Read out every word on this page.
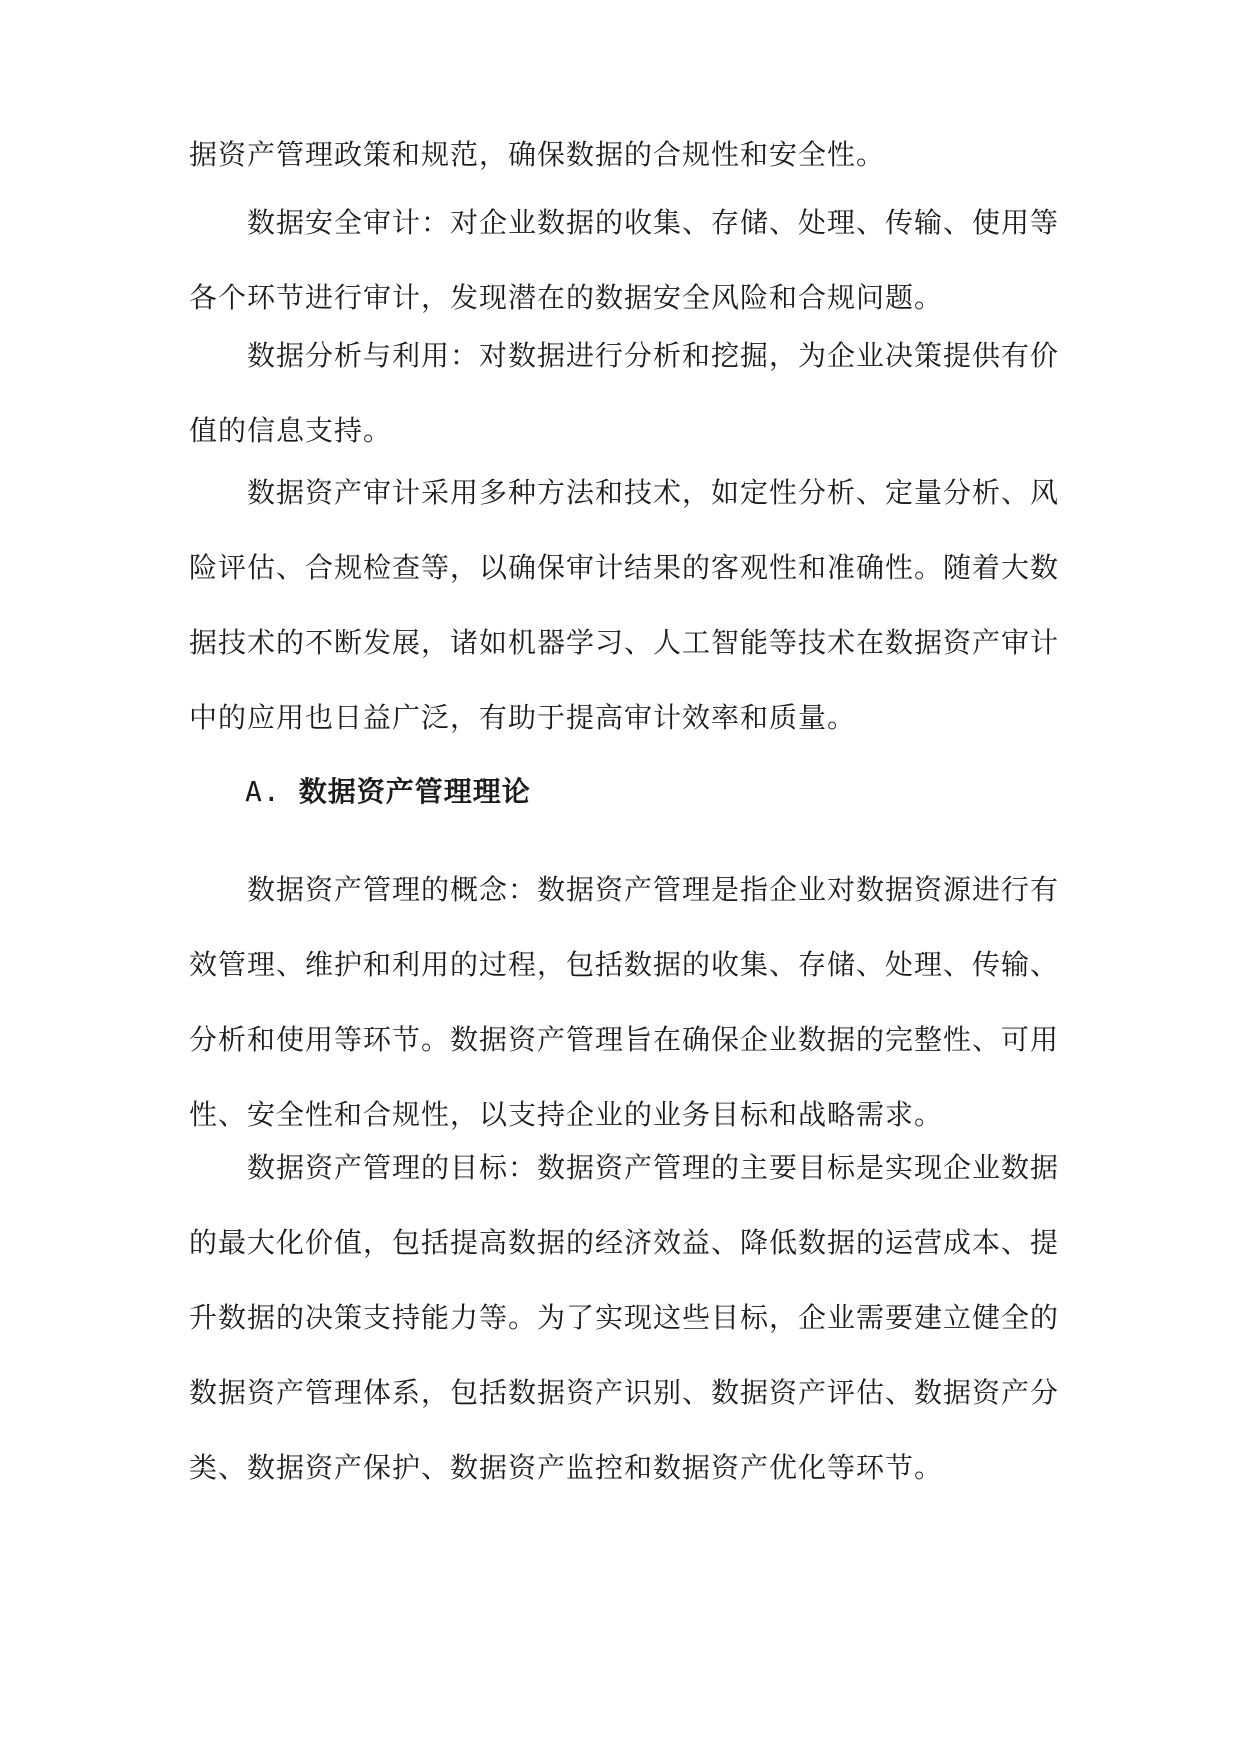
据资产管理政策和规范，确保数据的合规性和安全性。
数据安全审计：对企业数据的收集、存储、处理、传输、使用等
各个环节进行审计，发现潜在的数据安全风险和合规问题。
数据分析与利用：对数据进行分析和挖掘，为企业决策提供有价
值的信息支持。
数据资产审计采用多种方法和技术，如定性分析、定量分析、风
险评估、合规检查等，以确保审计结果的客观性和准确性。随着大数
据技术的不断发展，诸如机器学习、人工智能等技术在数据资产审计
中的应用也日益广泛，有助于提高审计效率和质量。
A. 数据资产管理理论
数据资产管理的概念：数据资产管理是指企业对数据资源进行有
效管理、维护和利用的过程，包括数据的收集、存储、处理、传输、
分析和使用等环节。数据资产管理旨在确保企业数据的完整性、可用
性、安全性和合规性，以支持企业的业务目标和战略需求。
数据资产管理的目标：数据资产管理的主要目标是实现企业数据
的最大化价值，包括提高数据的经济效益、降低数据的运营成本、提
升数据的决策支持能力等。为了实现这些目标，企业需要建立健全的
数据资产管理体系，包括数据资产识别、数据资产评估、数据资产分
类、数据资产保护、数据资产监控和数据资产优化等环节。
